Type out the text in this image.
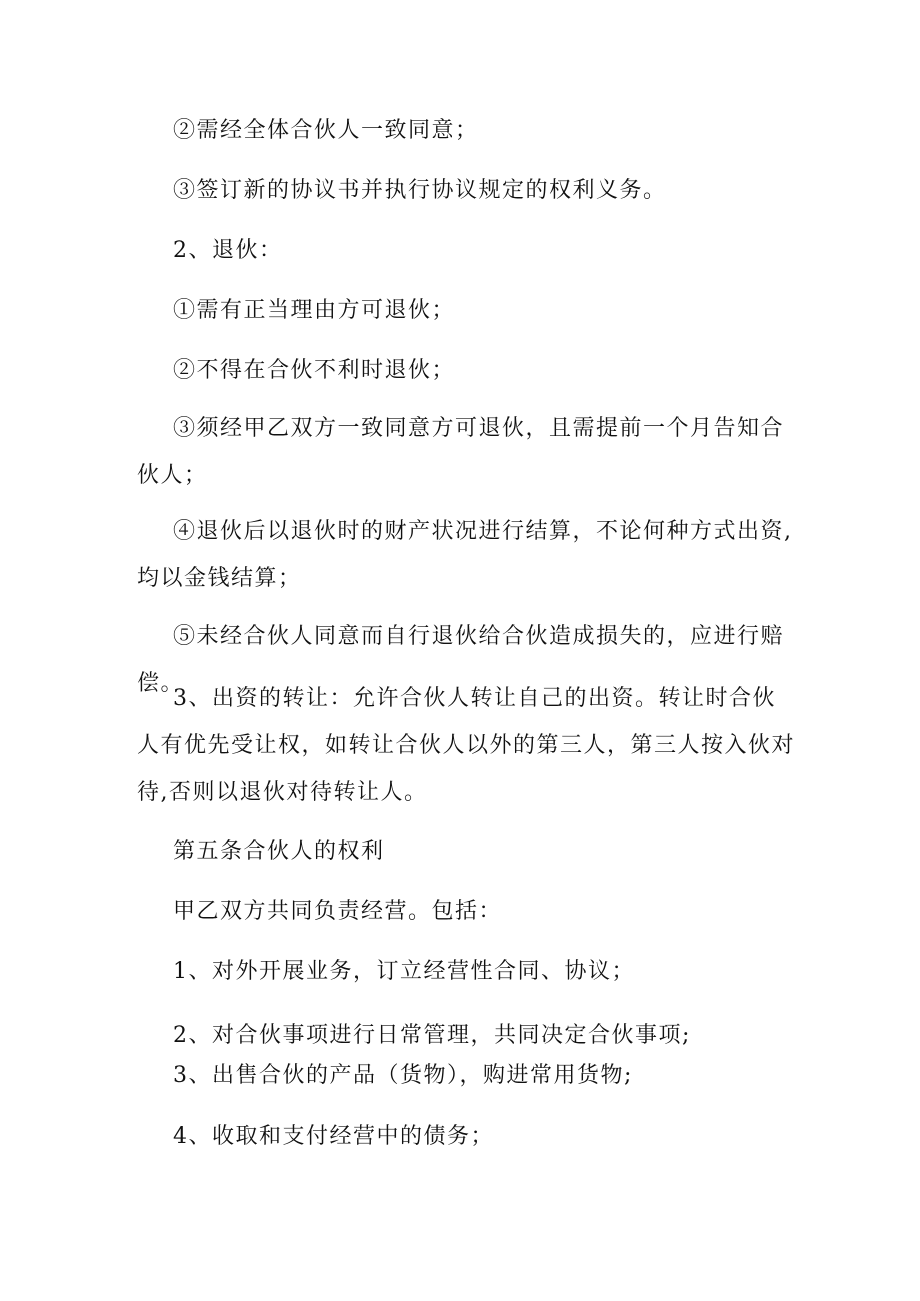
②需经全体合伙人一致同意；

③签订新的协议书并执行协议规定的权利义务。

2、退伙：

①需有正当理由方可退伙；

②不得在合伙不利时退伙；

③须经甲乙双方一致同意方可退伙，且需提前一个月告知合伙人；

④退伙后以退伙时的财产状况进行结算，不论何种方式出资,均以金钱结算；

⑤未经合伙人同意而自行退伙给合伙造成损失的，应进行赔偿。

3、出资的转让：允许合伙人转让自己的出资。转让时合伙人有优先受让权，如转让合伙人以外的第三人，第三人按入伙对待,否则以退伙对待转让人。

第五条合伙人的权利

甲乙双方共同负责经营。包括：

1、对外开展业务，订立经营性合同、协议；

2、对合伙事项进行日常管理，共同决定合伙事项;

3、出售合伙的产品（货物），购进常用货物;

4、收取和支付经营中的债务；
